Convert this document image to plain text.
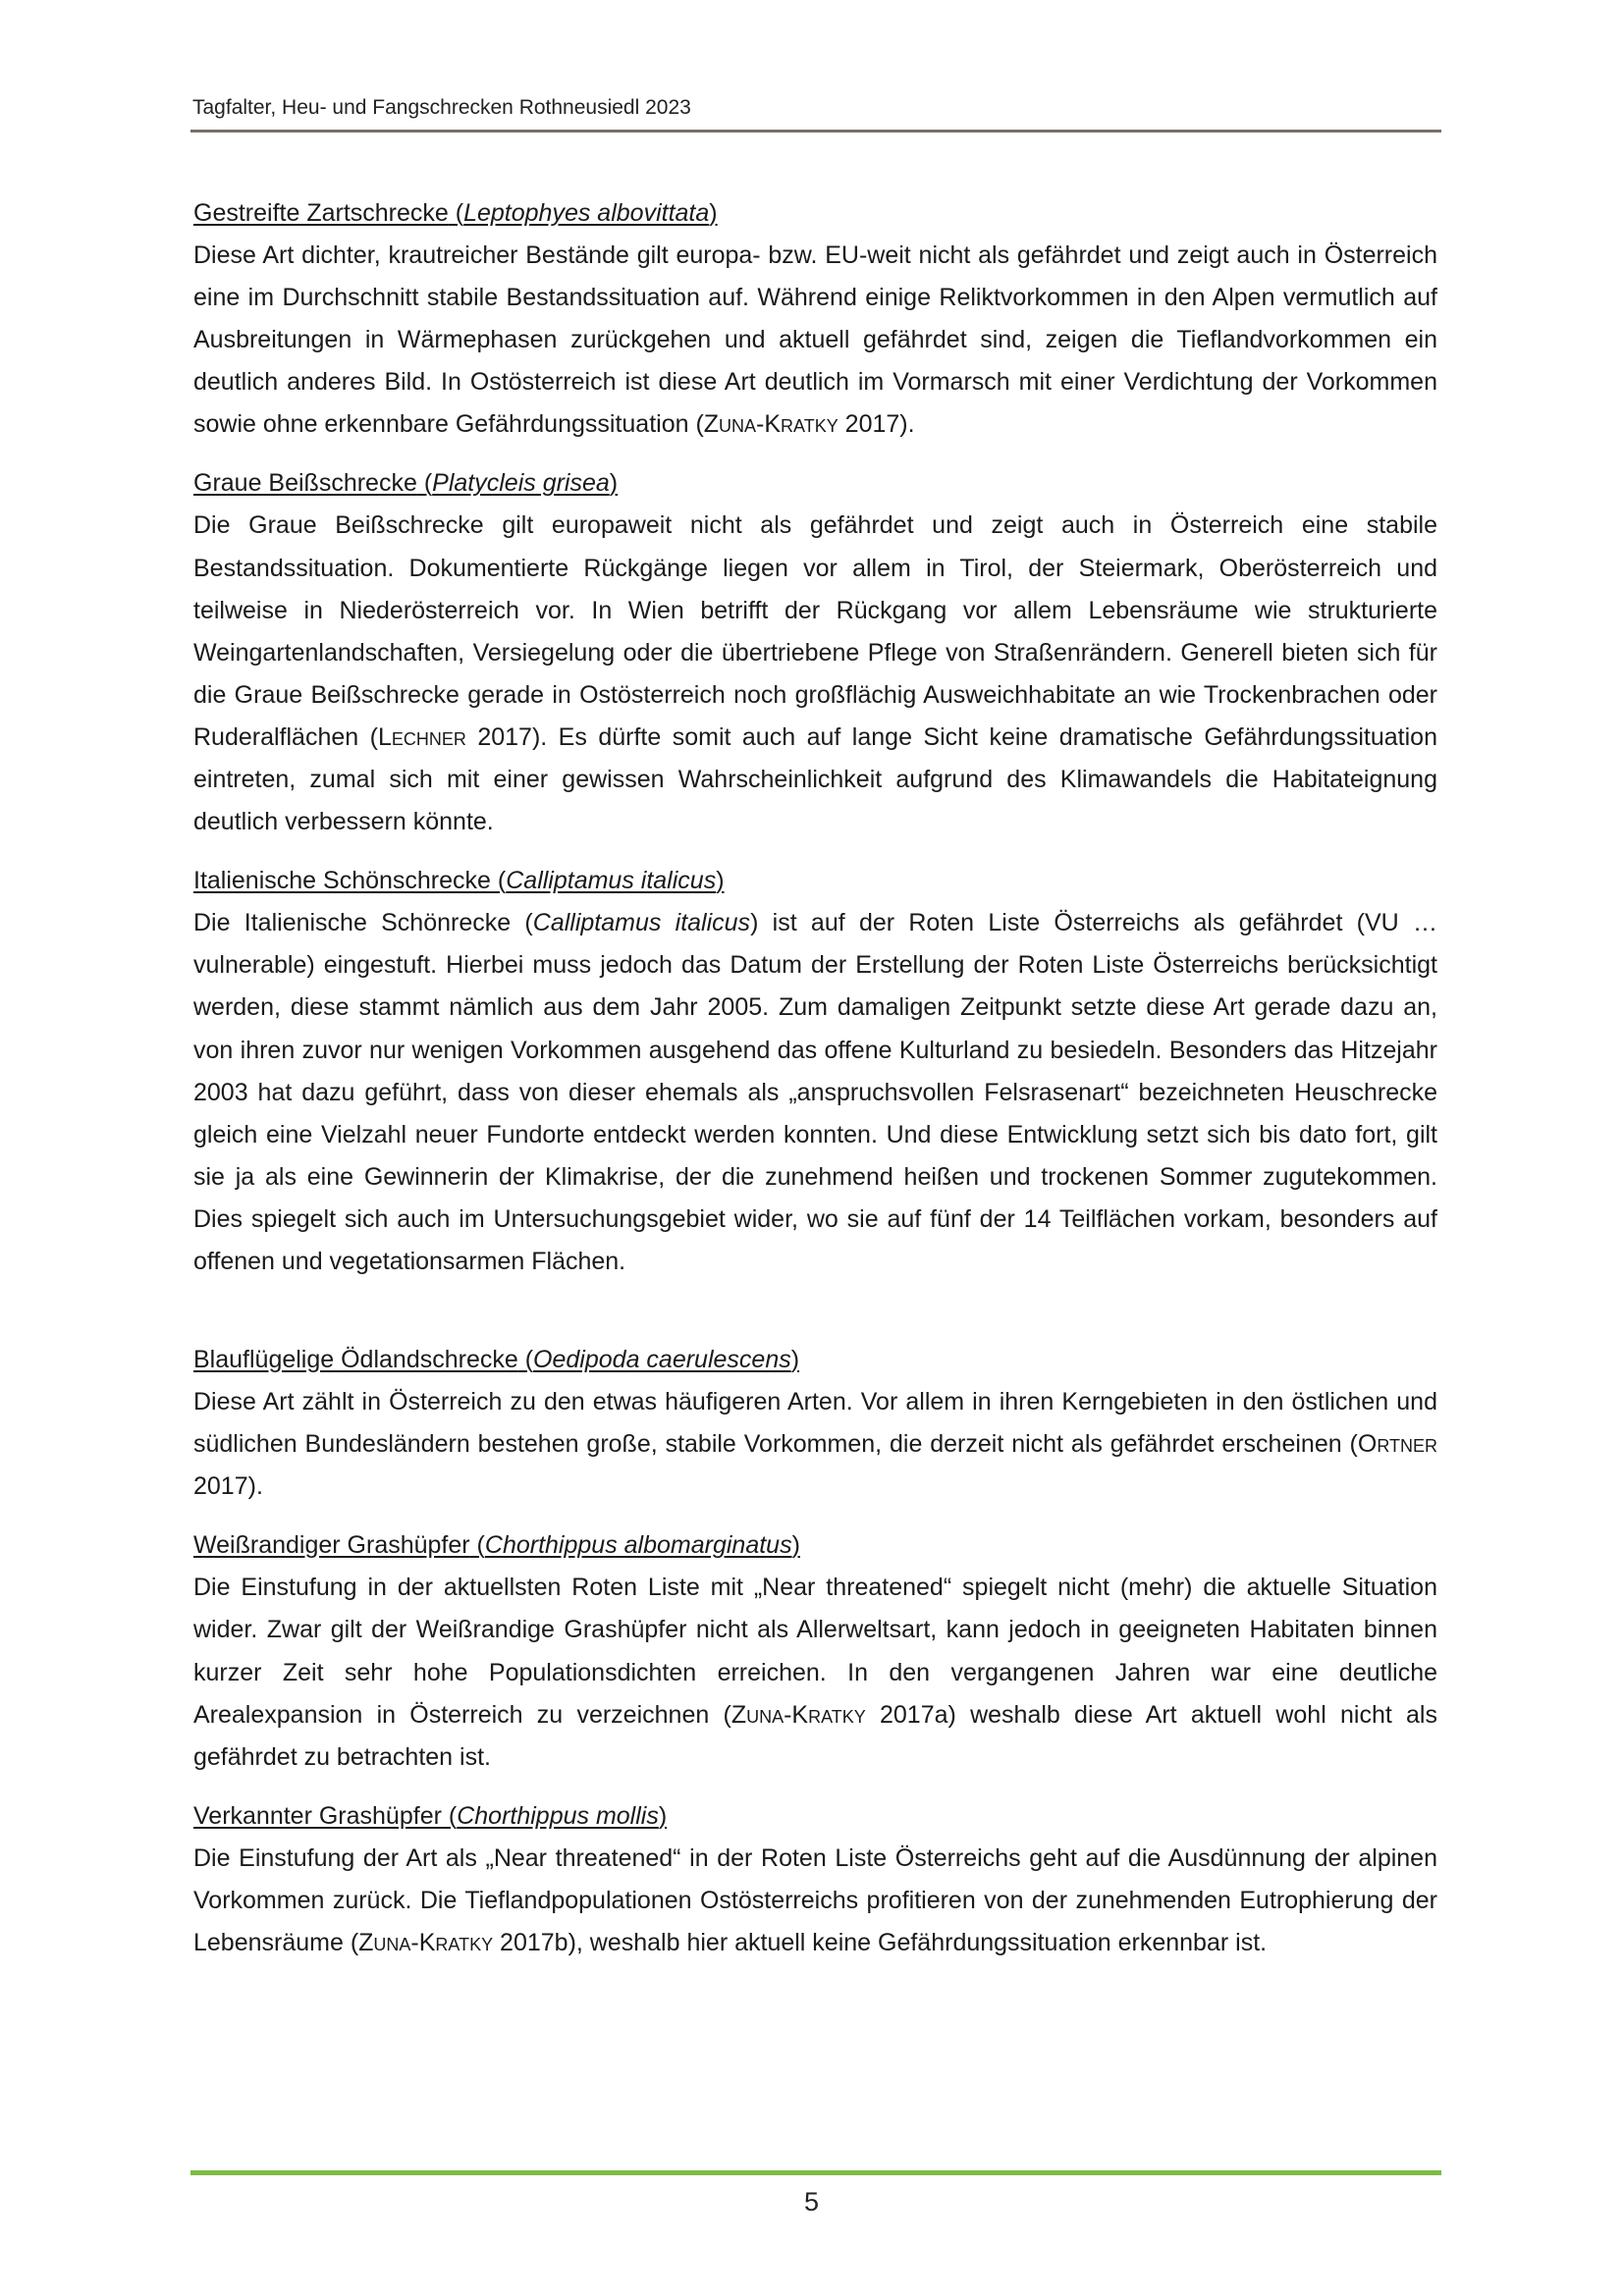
Tagfalter, Heu- und Fangschrecken Rothneusiedl 2023

Gestreifte Zartschrecke (Leptophyes albovittata)

Diese Art dichter, krautreicher Bestände gilt europa- bzw. EU-weit nicht als gefährdet und zeigt auch in Österreich eine im Durchschnitt stabile Bestandssituation auf. Während einige Reliktvorkommen in den Alpen vermutlich auf Ausbreitungen in Wärmephasen zurückgehen und aktuell gefährdet sind, zeigen die Tieflandvorkommen ein deutlich anderes Bild. In Ostösterreich ist diese Art deutlich im Vormarsch mit einer Verdichtung der Vorkommen sowie ohne erkennbare Gefährdungssituation (Zuna-Kratky 2017).

Graue Beißschrecke (Platycleis grisea)

Die Graue Beißschrecke gilt europaweit nicht als gefährdet und zeigt auch in Österreich eine stabile Bestandssituation. Dokumentierte Rückgänge liegen vor allem in Tirol, der Steiermark, Oberösterreich und teilweise in Niederösterreich vor. In Wien betrifft der Rückgang vor allem Lebensräume wie strukturierte Weingartenlandschaften, Versiegelung oder die übertriebene Pflege von Straßenrändern. Generell bieten sich für die Graue Beißschrecke gerade in Ostösterreich noch großflächig Ausweichhabitate an wie Trockenbrachen oder Ruderalflächen (Lechner 2017). Es dürfte somit auch auf lange Sicht keine dramatische Gefährdungssituation eintreten, zumal sich mit einer gewissen Wahrscheinlichkeit aufgrund des Klimawandels die Habitateignung deutlich verbessern könnte.

Italienische Schönschrecke (Calliptamus italicus)

Die Italienische Schönrecke (Calliptamus italicus) ist auf der Roten Liste Österreichs als gefährdet (VU … vulnerable) eingestuft. Hierbei muss jedoch das Datum der Erstellung der Roten Liste Österreichs berücksichtigt werden, diese stammt nämlich aus dem Jahr 2005. Zum damaligen Zeitpunkt setzte diese Art gerade dazu an, von ihren zuvor nur wenigen Vorkommen ausgehend das offene Kulturland zu besiedeln. Besonders das Hitzejahr 2003 hat dazu geführt, dass von dieser ehemals als „anspruchsvollen Felsrasenart“ bezeichneten Heuschrecke gleich eine Vielzahl neuer Fundorte entdeckt werden konnten. Und diese Entwicklung setzt sich bis dato fort, gilt sie ja als eine Gewinnerin der Klimakrise, der die zunehmend heißen und trockenen Sommer zugutekommen. Dies spiegelt sich auch im Untersuchungsgebiet wider, wo sie auf fünf der 14 Teilflächen vorkam, besonders auf offenen und vegetationsarmen Flächen.

Blauflügelige Ödlandschrecke (Oedipoda caerulescens)

Diese Art zählt in Österreich zu den etwas häufigeren Arten. Vor allem in ihren Kerngebieten in den östlichen und südlichen Bundesländern bestehen große, stabile Vorkommen, die derzeit nicht als gefährdet erscheinen (Ortner 2017).

Weißrandiger Grashüpfer (Chorthippus albomarginatus)

Die Einstufung in der aktuellsten Roten Liste mit „Near threatened“ spiegelt nicht (mehr) die aktuelle Situation wider. Zwar gilt der Weißrandige Grashüpfer nicht als Allerweltsart, kann jedoch in geeigneten Habitaten binnen kurzer Zeit sehr hohe Populationsdichten erreichen. In den vergangenen Jahren war eine deutliche Arealexpansion in Österreich zu verzeichnen (Zuna-Kratky 2017a) weshalb diese Art aktuell wohl nicht als gefährdet zu betrachten ist.

Verkannter Grashüpfer (Chorthippus mollis)

Die Einstufung der Art als „Near threatened“ in der Roten Liste Österreichs geht auf die Ausdünnung der alpinen Vorkommen zurück. Die Tieflandpopulationen Ostösterreichs profitieren von der zunehmenden Eutrophierung der Lebensräume (Zuna-Kratky 2017b), weshalb hier aktuell keine Gefährdungssituation erkennbar ist.

5
